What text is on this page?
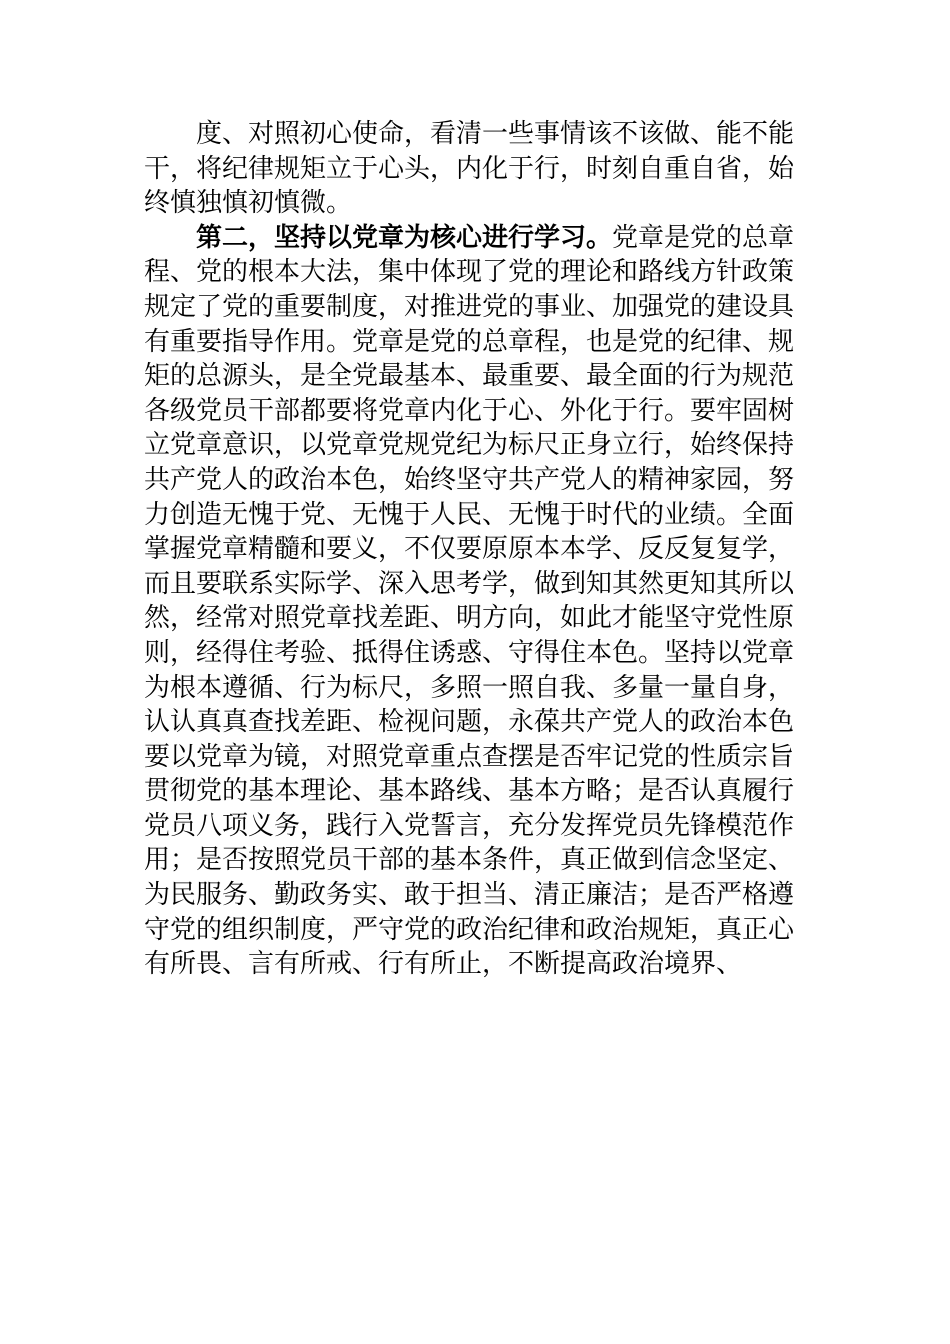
度、对照初心使命，看清一些事情该不该做、能不能
干，将纪律规矩立于心头，内化于行，时刻自重自省，始
终慎独慎初慎微。
第二，坚持以党章为核心进行学习。党章是党的总章
程、党的根本大法，集中体现了党的理论和路线方针政策
规定了党的重要制度，对推进党的事业、加强党的建设具
有重要指导作用。党章是党的总章程，也是党的纪律、规
矩的总源头，是全党最基本、最重要、最全面的行为规范
各级党员干部都要将党章内化于心、外化于行。要牢固树
立党章意识，以党章党规党纪为标尺正身立行，始终保持
共产党人的政治本色，始终坚守共产党人的精神家园，努
力创造无愧于党、无愧于人民、无愧于时代的业绩。全面
掌握党章精髓和要义，不仅要原原本本学、反反复复学，
而且要联系实际学、深入思考学，做到知其然更知其所以
然，经常对照党章找差距、明方向，如此才能坚守党性原
则，经得住考验、抵得住诱惑、守得住本色。坚持以党章
为根本遵循、行为标尺，多照一照自我、多量一量自身，
认认真真查找差距、检视问题，永葆共产党人的政治本色
要以党章为镜，对照党章重点查摆是否牢记党的性质宗旨
贯彻党的基本理论、基本路线、基本方略；是否认真履行
党员八项义务，践行入党誓言，充分发挥党员先锋模范作
用；是否按照党员干部的基本条件，真正做到信念坚定、
为民服务、勤政务实、敢于担当、清正廉洁；是否严格遵
守党的组织制度，严守党的政治纪律和政治规矩，真正心
有所畏、言有所戒、行有所止，不断提高政治境界、
